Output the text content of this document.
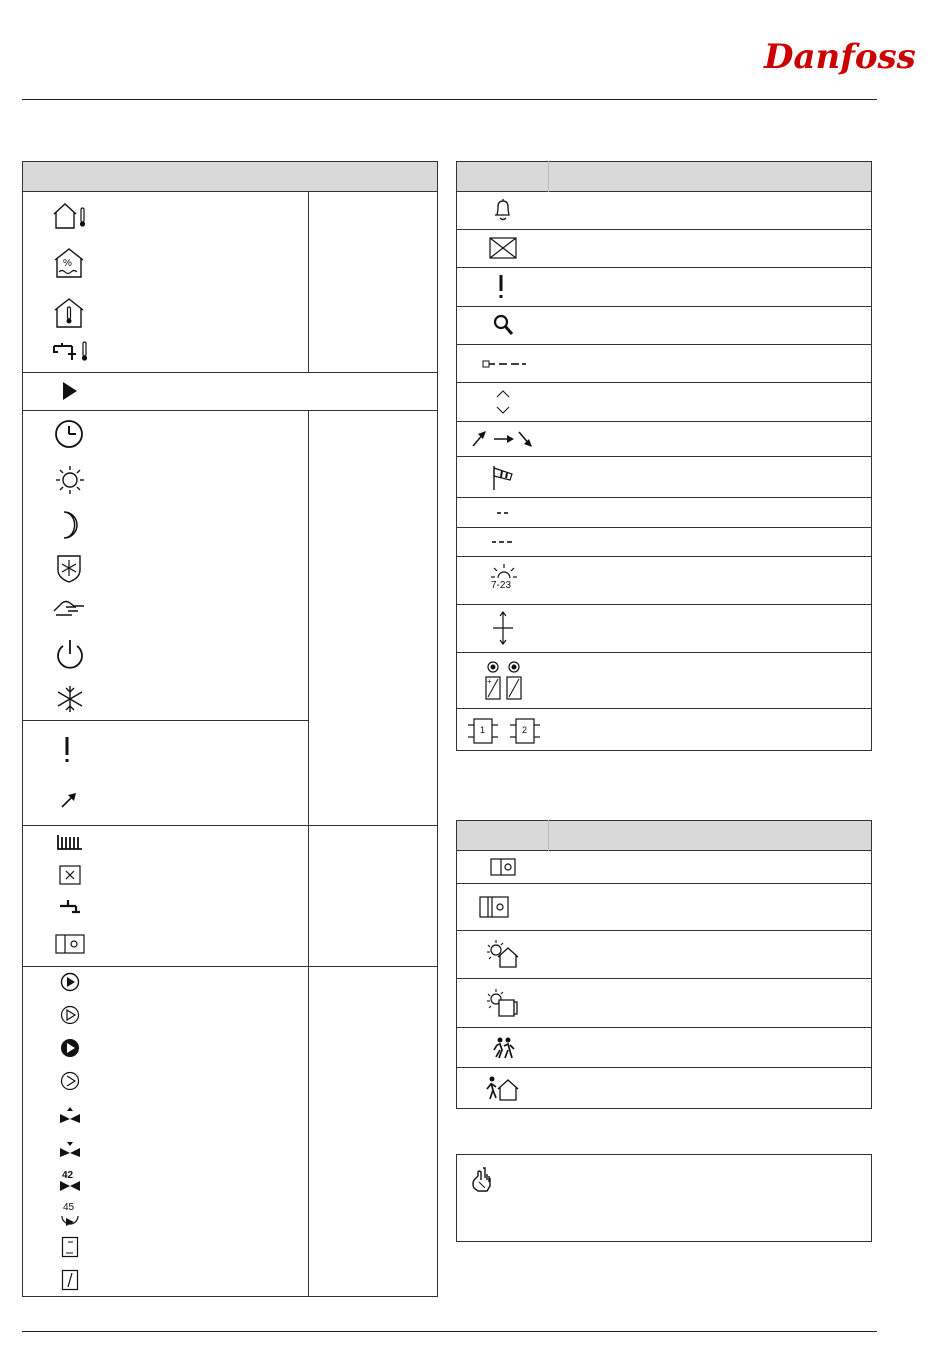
Danfoss
%
42
45
7-23
+
1	2
